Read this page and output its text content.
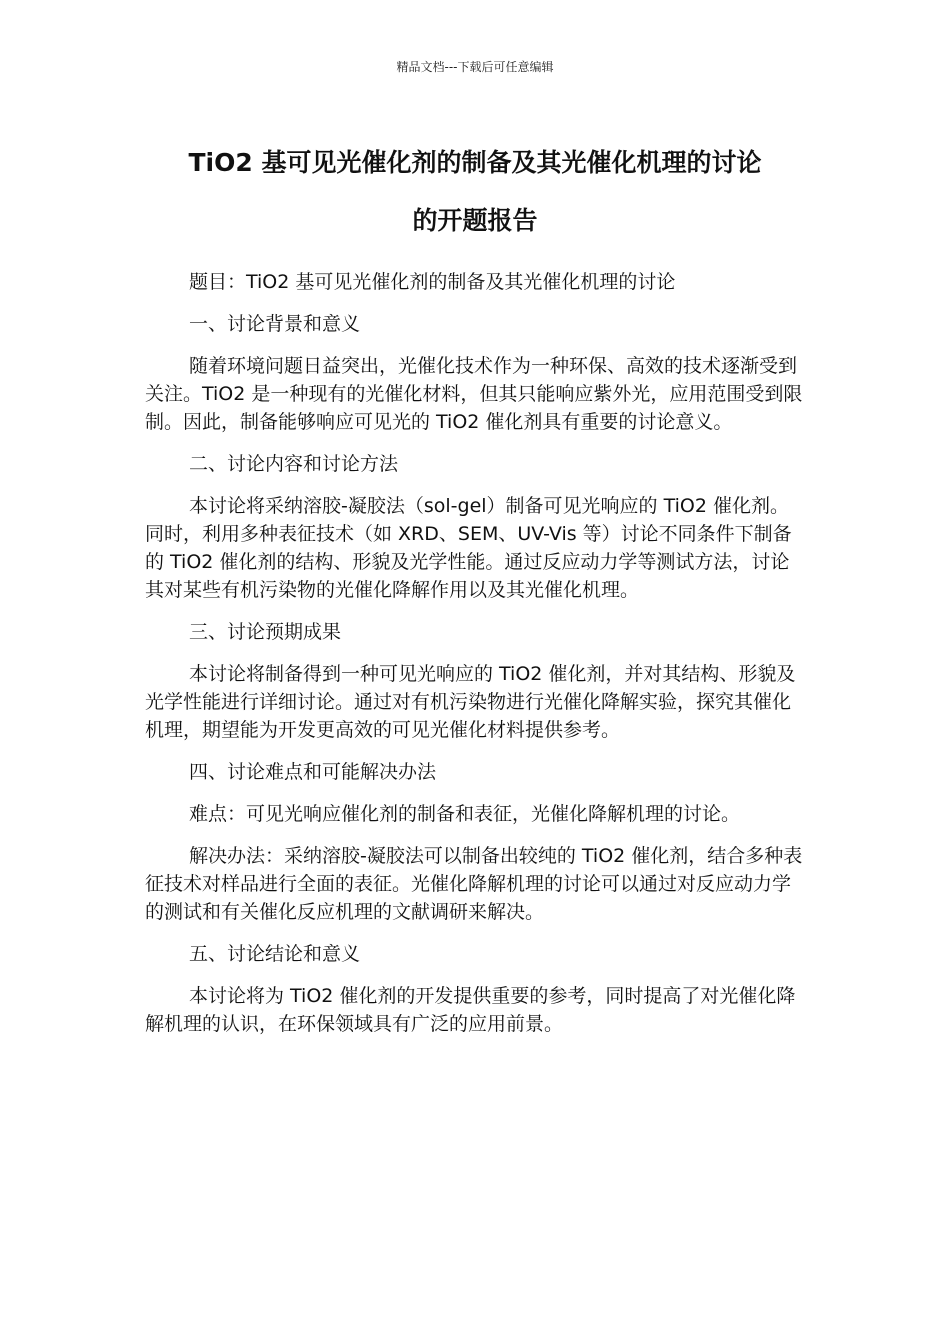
精品文档---下载后可任意编辑
TiO2 基可见光催化剂的制备及其光催化机理的讨论
的开题报告

题目：TiO2 基可见光催化剂的制备及其光催化机理的讨论

一、讨论背景和意义

随着环境问题日益突出，光催化技术作为一种环保、高效的技术逐渐受到关注。TiO2 是一种现有的光催化材料，但其只能响应紫外光，应用范围受到限制。因此，制备能够响应可见光的 TiO2 催化剂具有重要的讨论意义。

二、讨论内容和讨论方法

本讨论将采纳溶胶-凝胶法（sol-gel）制备可见光响应的 TiO2 催化剂。同时，利用多种表征技术（如 XRD、SEM、UV-Vis 等）讨论不同条件下制备的 TiO2 催化剂的结构、形貌及光学性能。通过反应动力学等测试方法，讨论其对某些有机污染物的光催化降解作用以及其光催化机理。

三、讨论预期成果

本讨论将制备得到一种可见光响应的 TiO2 催化剂，并对其结构、形貌及光学性能进行详细讨论。通过对有机污染物进行光催化降解实验，探究其催化机理，期望能为开发更高效的可见光催化材料提供参考。

四、讨论难点和可能解决办法

难点：可见光响应催化剂的制备和表征，光催化降解机理的讨论。

解决办法：采纳溶胶-凝胶法可以制备出较纯的 TiO2 催化剂，结合多种表征技术对样品进行全面的表征。光催化降解机理的讨论可以通过对反应动力学的测试和有关催化反应机理的文献调研来解决。

五、讨论结论和意义

本讨论将为 TiO2 催化剂的开发提供重要的参考，同时提高了对光催化降解机理的认识，在环保领域具有广泛的应用前景。
